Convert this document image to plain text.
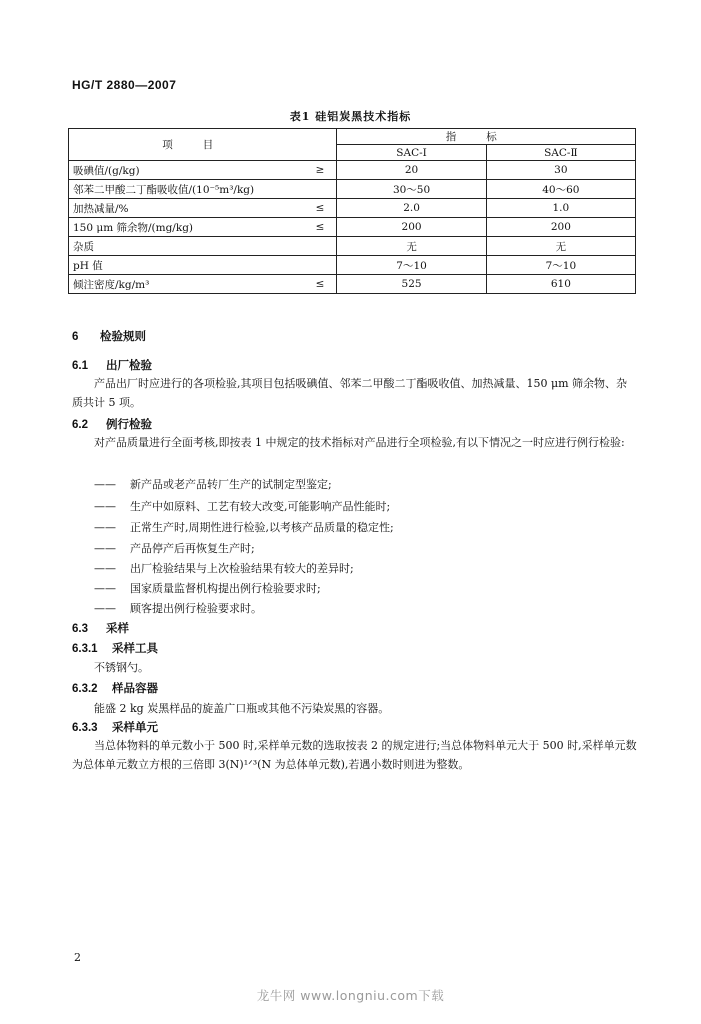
HG/T 2880—2007
表1 硅铝炭黑技术指标
项目		指标	
		SAC-Ⅰ	SAC-Ⅱ
吸碘值/(g/kg)	≥	20	30
邻苯二甲酸二丁酯吸收值/(10⁻⁵m³/kg)		30～50	40～60
加热减量/%	≤	2.0	1.0
150 μm 筛余物/(mg/kg)	≤	200	200
杂质		无	无
pH 值		7～10	7～10
倾注密度/kg/m³	≤	525	610
6 检验规则
6.1 出厂检验
产品出厂时应进行的各项检验,其项目包括吸碘值、邻苯二甲酸二丁酯吸收值、加热减量、150 μm 筛余物、杂质共计 5 项。
6.2 例行检验
对产品质量进行全面考核,即按表 1 中规定的技术指标对产品进行全项检验,有以下情况之一时应进行例行检验:
—— 新产品或老产品转厂生产的试制定型鉴定;
—— 生产中如原料、工艺有较大改变,可能影响产品性能时;
—— 正常生产时,周期性进行检验,以考核产品质量的稳定性;
—— 产品停产后再恢复生产时;
—— 出厂检验结果与上次检验结果有较大的差异时;
—— 国家质量监督机构提出例行检验要求时;
—— 顾客提出例行检验要求时。
6.3 采样
6.3.1 采样工具
不锈钢勺。
6.3.2 样品容器
能盛 2 kg 炭黑样品的旋盖广口瓶或其他不污染炭黑的容器。
6.3.3 采样单元
当总体物料的单元数小于 500 时,采样单元数的选取按表 2 的规定进行;当总体物料单元大于 500 时,采样单元数为总体单元数立方根的三倍即 3(N)¹ᐟ³(N 为总体单元数),若遇小数时则进为整数。
2
龙牛网 www.longniu.com下载
